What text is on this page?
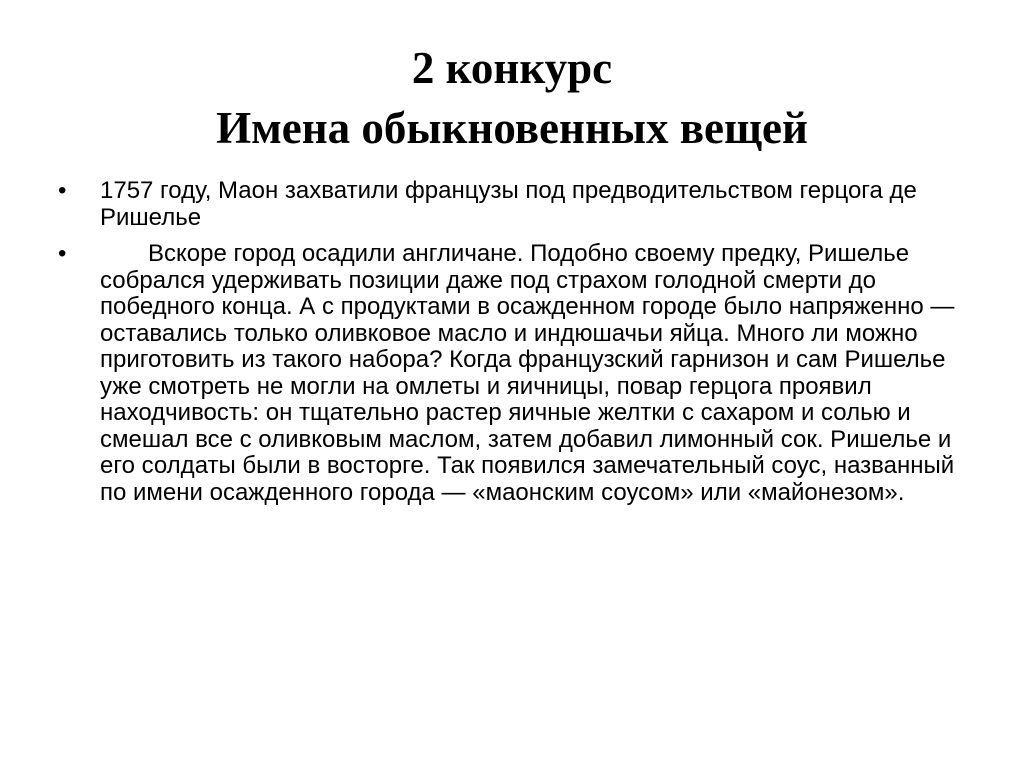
2 конкурс
Имена обыкновенных вещей
• 1757 году, Маон захватили французы под предводительством герцога де Ришелье
•	Вскоре город осадили англичане. Подобно своему предку, Ришелье собрался удерживать позиции даже под страхом голодной смерти до победного конца. А с продуктами в осажденном городе было напряженно — оставались только оливковое масло и индюшачьи яйца. Много ли можно приготовить из такого набора? Когда французский гарнизон и сам Ришелье уже смотреть не могли на омлеты и яичницы, повар герцога проявил находчивость: он тщательно растер яичные желтки с сахаром и солью и смешал все с оливковым маслом, затем добавил лимонный сок. Ришелье и его солдаты были в восторге. Так появился замечательный соус, названный по имени осажденного города — «маонским соусом» или «майонезом».
